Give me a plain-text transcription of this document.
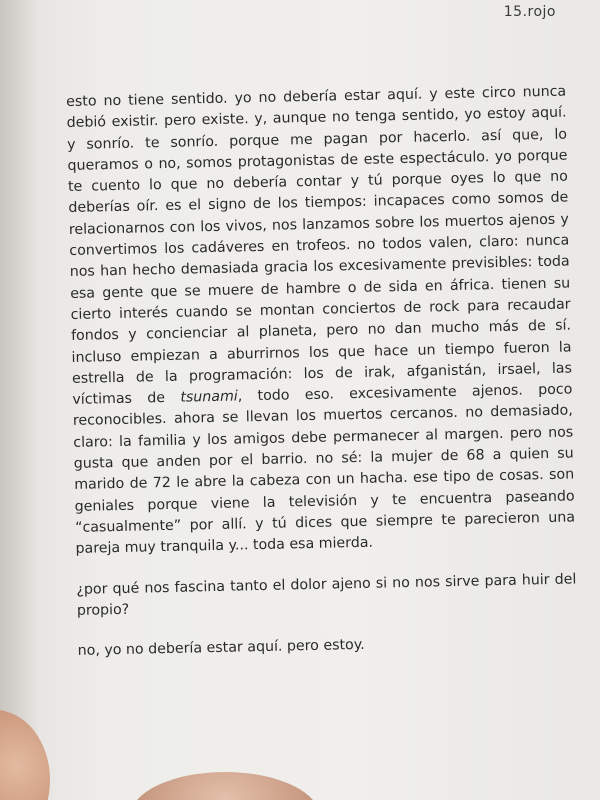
15.rojo

esto no tiene sentido. yo no debería estar aquí. y este circo nunca debió existir. pero existe. y, aunque no tenga sentido, yo estoy aquí. y sonrío. te sonrío. porque me pagan por hacerlo. así que, lo queramos o no, somos protagonistas de este espectáculo. yo porque te cuento lo que no debería contar y tú porque oyes lo que no deberías oír. es el signo de los tiempos: incapaces como somos de relacionarnos con los vivos, nos lanzamos sobre los muertos ajenos y convertimos los cadáveres en trofeos. no todos valen, claro: nunca nos han hecho demasiada gracia los excesivamente previsibles: toda esa gente que se muere de hambre o de sida en áfrica. tienen su cierto interés cuando se montan conciertos de rock para recaudar fondos y concienciar al planeta, pero no dan mucho más de sí. incluso empiezan a aburrirnos los que hace un tiempo fueron la estrella de la programación: los de irak, afganistán, irsael, las víctimas de tsunami, todo eso. excesivamente ajenos. poco reconocibles. ahora se llevan los muertos cercanos. no demasiado, claro: la familia y los amigos debe permanecer al margen. pero nos gusta que anden por el barrio. no sé: la mujer de 68 a quien su marido de 72 le abre la cabeza con un hacha. ese tipo de cosas. son geniales porque viene la televisión y te encuentra paseando “casualmente” por allí. y tú dices que siempre te parecieron una pareja muy tranquila y... toda esa mierda.

¿por qué nos fascina tanto el dolor ajeno si no nos sirve para huir del propio?

no, yo no debería estar aquí. pero estoy.
